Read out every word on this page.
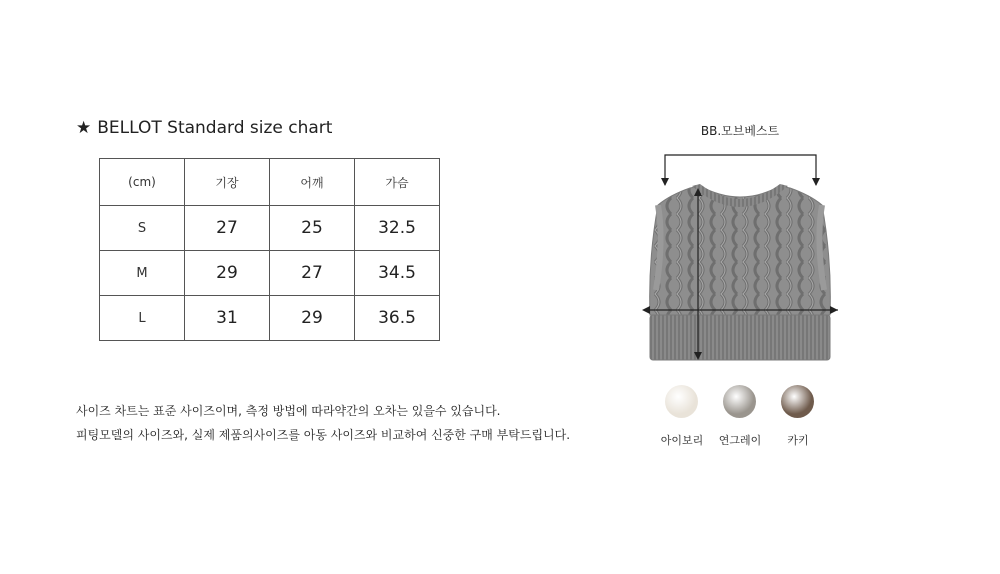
★ BELLOT Standard size chart
(cm)	기장	어깨	가슴
S	27	25	32.5
M	29	27	34.5
L	31	29	36.5
사이즈 차트는 표준 사이즈이며, 측정 방법에 따라약간의 오차는 있을수 있습니다.
피팅모델의 사이즈와, 실제 제품의사이즈를 아동 사이즈와 비교하여 신중한 구매 부탁드립니다.
BB.모브베스트
아이보리	연그레이	카키
